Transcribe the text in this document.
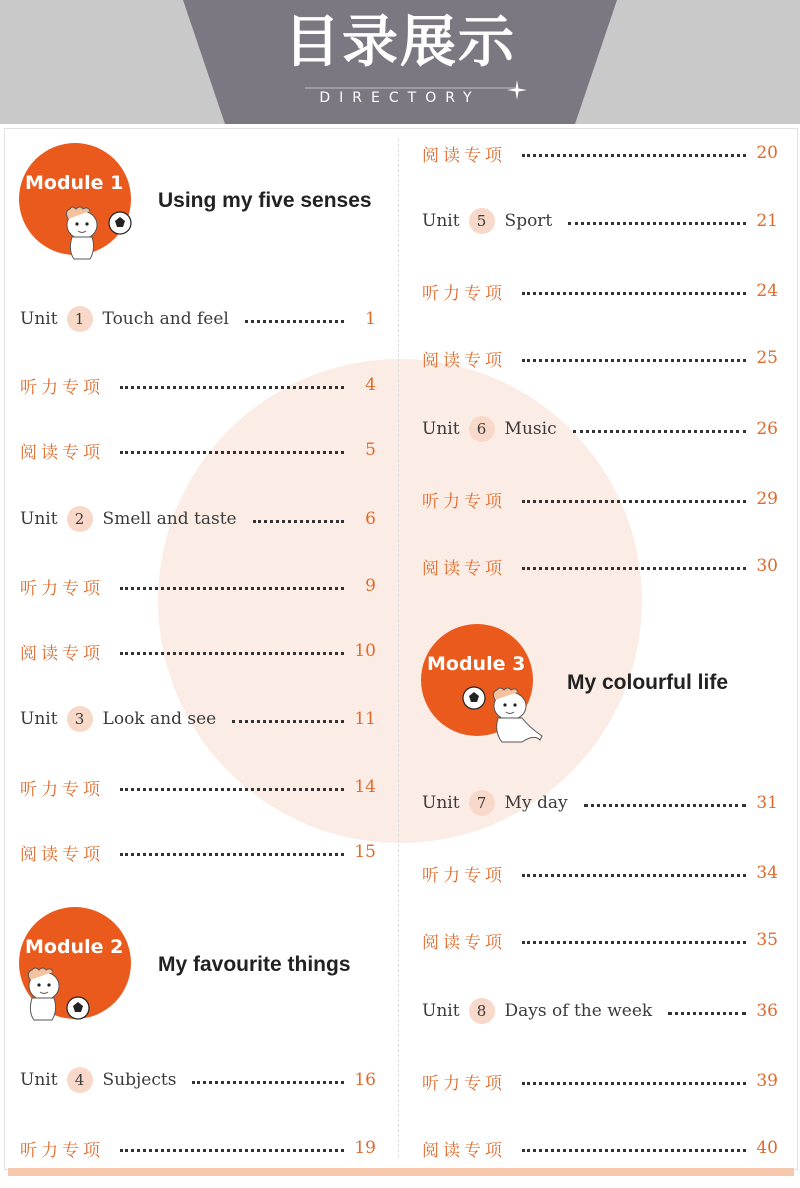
目录展示
DIRECTORY
Module 1
Using my five senses
Module 2
My favourite things
Module 3
My colourful life
Unit	1	Touch and feel	1
听力专项	4
阅读专项	5
Unit	2	Smell and taste	6
听力专项	9
阅读专项	10
Unit	3	Look and see	11
听力专项	14
阅读专项	15
Unit	4	Subjects	16
听力专项	19
阅读专项	20
Unit	5	Sport	21
听力专项	24
阅读专项	25
Unit	6	Music	26
听力专项	29
阅读专项	30
Unit	7	My day	31
听力专项	34
阅读专项	35
Unit	8	Days of the week	36
听力专项	39
阅读专项	40
